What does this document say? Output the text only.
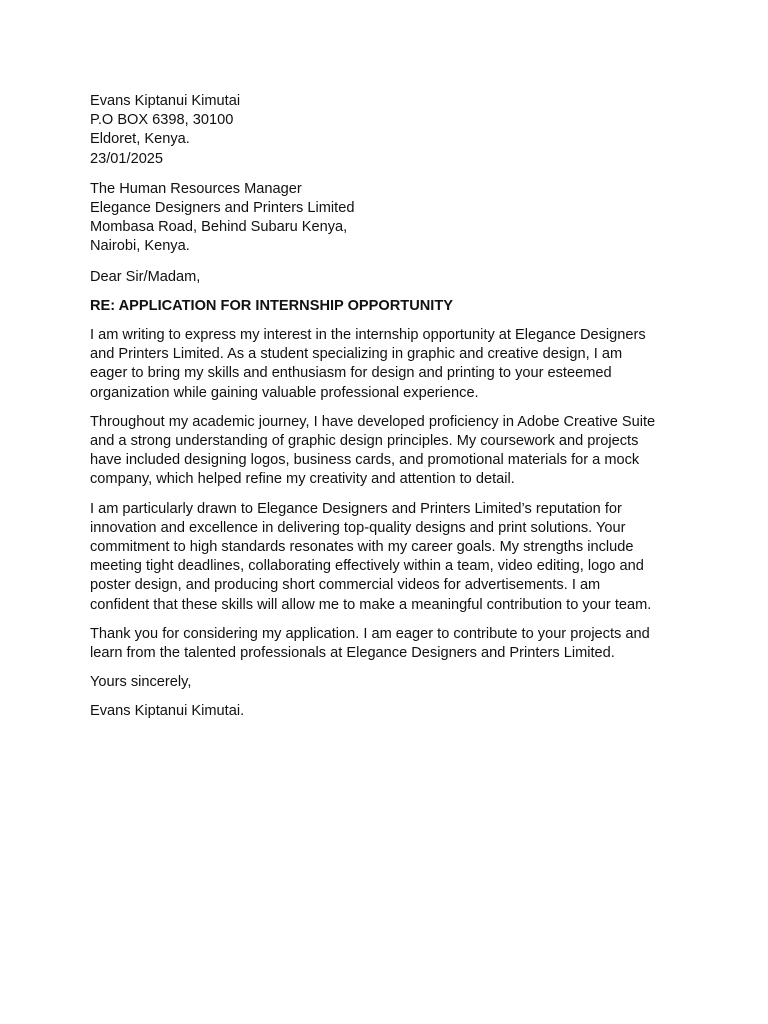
Evans Kiptanui Kimutai
P.O BOX 6398, 30100
Eldoret, Kenya.
23/01/2025
The Human Resources Manager
Elegance Designers and Printers Limited
Mombasa Road, Behind Subaru Kenya,
Nairobi, Kenya.
Dear Sir/Madam,
RE: APPLICATION FOR INTERNSHIP OPPORTUNITY

I am writing to express my interest in the internship opportunity at Elegance Designers
and Printers Limited. As a student specializing in graphic and creative design, I am
eager to bring my skills and enthusiasm for design and printing to your esteemed
organization while gaining valuable professional experience.

Throughout my academic journey, I have developed proficiency in Adobe Creative Suite
and a strong understanding of graphic design principles. My coursework and projects
have included designing logos, business cards, and promotional materials for a mock
company, which helped refine my creativity and attention to detail.

I am particularly drawn to Elegance Designers and Printers Limited’s reputation for
innovation and excellence in delivering top-quality designs and print solutions. Your
commitment to high standards resonates with my career goals. My strengths include
meeting tight deadlines, collaborating effectively within a team, video editing, logo and
poster design, and producing short commercial videos for advertisements. I am
confident that these skills will allow me to make a meaningful contribution to your team.

Thank you for considering my application. I am eager to contribute to your projects and
learn from the talented professionals at Elegance Designers and Printers Limited.

Yours sincerely,
Evans Kiptanui Kimutai.
